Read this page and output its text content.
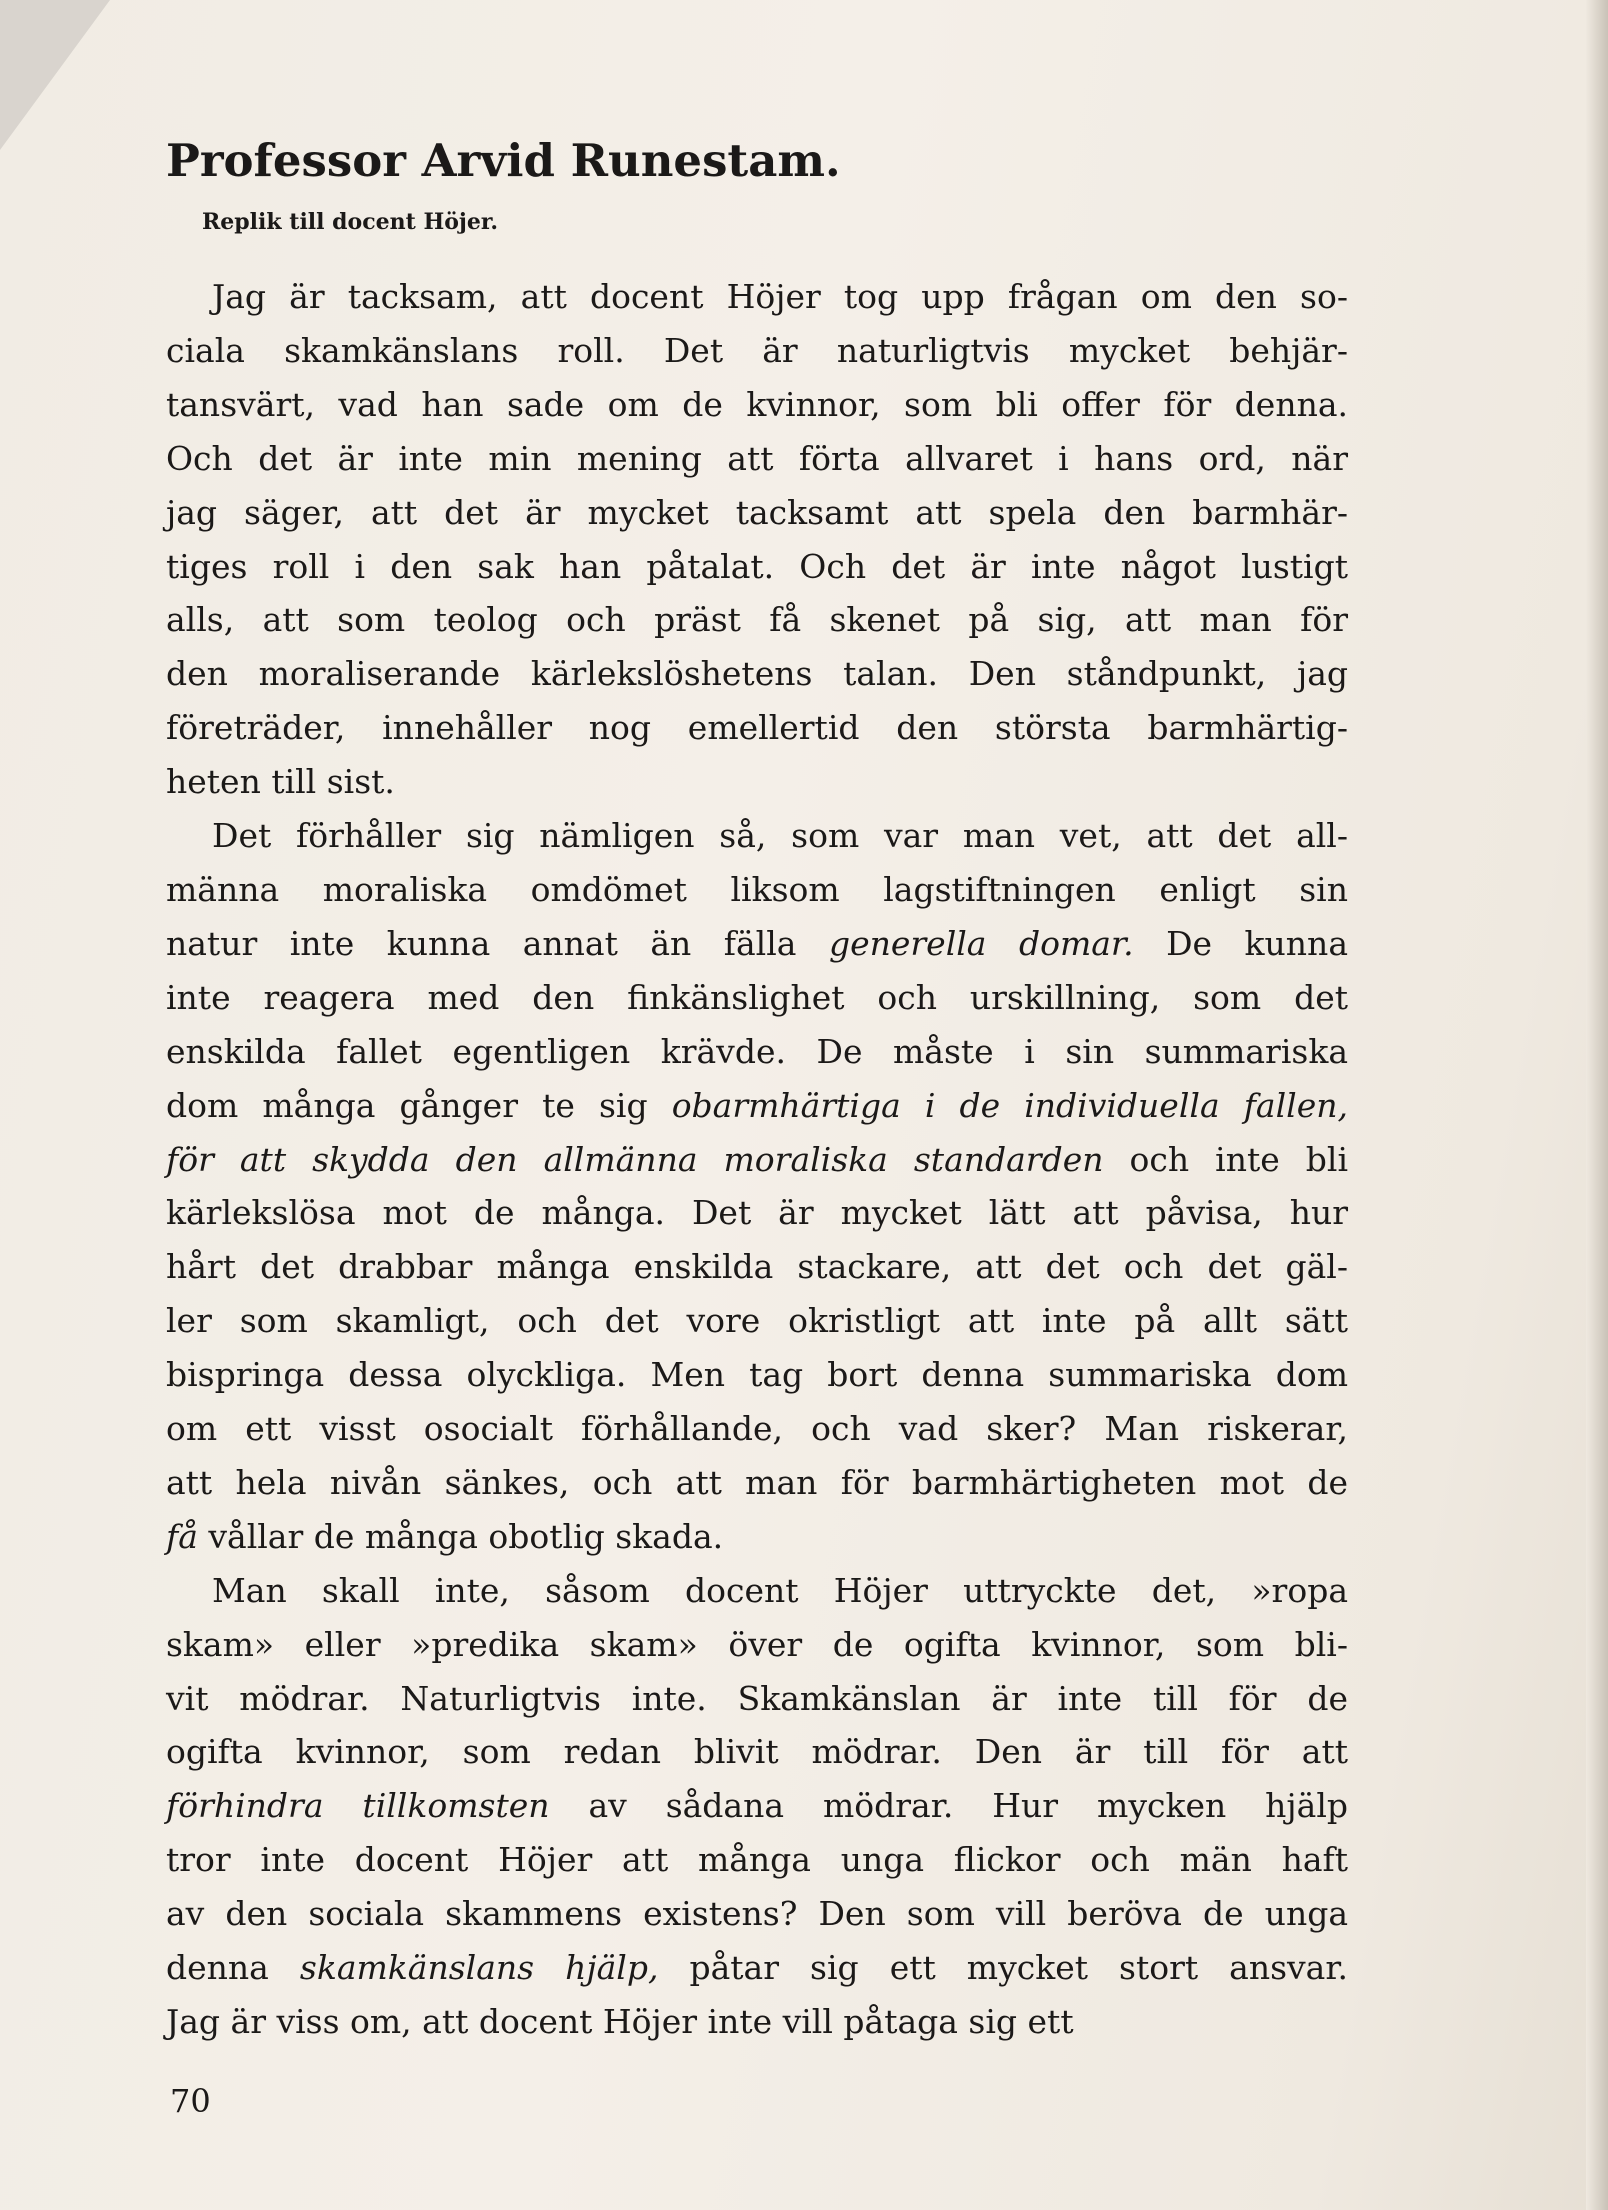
Professor Arvid Runestam.
Replik till docent Höjer.

Jag är tacksam, att docent Höjer tog upp frågan om den so-
ciala skamkänslans roll. Det är naturligtvis mycket behjär-
tansvärt, vad han sade om de kvinnor, som bli offer för denna.
Och det är inte min mening att förta allvaret i hans ord, när
jag säger, att det är mycket tacksamt att spela den barmhär-
tiges roll i den sak han påtalat. Och det är inte något lustigt
alls, att som teolog och präst få skenet på sig, att man för
den moraliserande kärlekslöshetens talan. Den ståndpunkt, jag
företräder, innehåller nog emellertid den största barmhärtig-
heten till sist.

Det förhåller sig nämligen så, som var man vet, att det all-
männa moraliska omdömet liksom lagstiftningen enligt sin
natur inte kunna annat än fälla generella domar. De kunna
inte reagera med den finkänslighet och urskillning, som det
enskilda fallet egentligen krävde. De måste i sin summariska
dom många gånger te sig obarmhärtiga i de individuella fallen,
för att skydda den allmänna moraliska standarden och inte bli
kärlekslösa mot de många. Det är mycket lätt att påvisa, hur
hårt det drabbar många enskilda stackare, att det och det gäl-
ler som skamligt, och det vore okristligt att inte på allt sätt
bispringa dessa olyckliga. Men tag bort denna summariska dom
om ett visst osocialt förhållande, och vad sker? Man riskerar,
att hela nivån sänkes, och att man för barmhärtigheten mot de
få vållar de många obotlig skada.

Man skall inte, såsom docent Höjer uttryckte det, »ropa
skam» eller »predika skam» över de ogifta kvinnor, som bli-
vit mödrar. Naturligtvis inte. Skamkänslan är inte till för de
ogifta kvinnor, som redan blivit mödrar. Den är till för att
förhindra tillkomsten av sådana mödrar. Hur mycken hjälp
tror inte docent Höjer att många unga flickor och män haft
av den sociala skammens existens? Den som vill beröva de unga
denna skamkänslans hjälp, påtar sig ett mycket stort ansvar.
Jag är viss om, att docent Höjer inte vill påtaga sig ett

70
